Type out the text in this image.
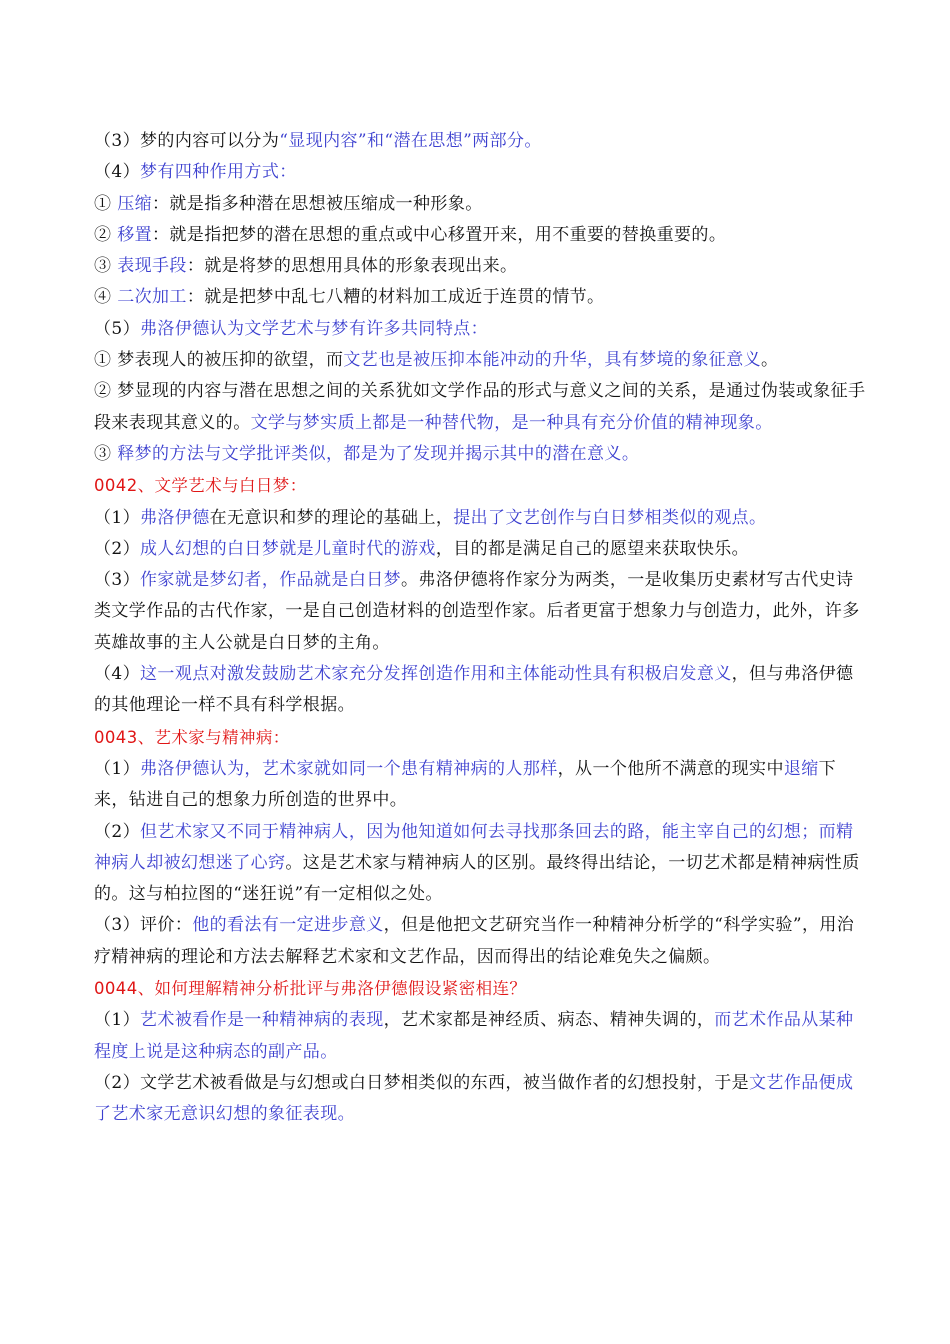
（3）梦的内容可以分为“显现内容”和“潜在思想”两部分。

（4）梦有四种作用方式：

① 压缩：就是指多种潜在思想被压缩成一种形象。

② 移置：就是指把梦的潜在思想的重点或中心移置开来，用不重要的替换重要的。

③ 表现手段：就是将梦的思想用具体的形象表现出来。

④ 二次加工：就是把梦中乱七八糟的材料加工成近于连贯的情节。

（5）弗洛伊德认为文学艺术与梦有许多共同特点：

① 梦表现人的被压抑的欲望，而文艺也是被压抑本能冲动的升华，具有梦境的象征意义。

② 梦显现的内容与潜在思想之间的关系犹如文学作品的形式与意义之间的关系，是通过伪装或象征手段来表现其意义的。文学与梦实质上都是一种替代物，是一种具有充分价值的精神现象。

③ 释梦的方法与文学批评类似，都是为了发现并揭示其中的潜在意义。

0042、文学艺术与白日梦：

（1）弗洛伊德在无意识和梦的理论的基础上，提出了文艺创作与白日梦相类似的观点。

（2）成人幻想的白日梦就是儿童时代的游戏，目的都是满足自己的愿望来获取快乐。

（3）作家就是梦幻者，作品就是白日梦。弗洛伊德将作家分为两类，一是收集历史素材写古代史诗类文学作品的古代作家，一是自己创造材料的创造型作家。后者更富于想象力与创造力，此外，许多英雄故事的主人公就是白日梦的主角。

（4）这一观点对激发鼓励艺术家充分发挥创造作用和主体能动性具有积极启发意义，但与弗洛伊德的其他理论一样不具有科学根据。

0043、艺术家与精神病：

（1）弗洛伊德认为，艺术家就如同一个患有精神病的人那样，从一个他所不满意的现实中退缩下来，钻进自己的想象力所创造的世界中。

（2）但艺术家又不同于精神病人，因为他知道如何去寻找那条回去的路，能主宰自己的幻想；而精神病人却被幻想迷了心窍。这是艺术家与精神病人的区别。最终得出结论，一切艺术都是精神病性质的。这与柏拉图的“迷狂说”有一定相似之处。

（3）评价：他的看法有一定进步意义，但是他把文艺研究当作一种精神分析学的“科学实验”，用治疗精神病的理论和方法去解释艺术家和文艺作品，因而得出的结论难免失之偏颇。

0044、如何理解精神分析批评与弗洛伊德假设紧密相连？

（1）艺术被看作是一种精神病的表现，艺术家都是神经质、病态、精神失调的，而艺术作品从某种程度上说是这种病态的副产品。

（2）文学艺术被看做是与幻想或白日梦相类似的东西，被当做作者的幻想投射，于是文艺作品便成了艺术家无意识幻想的象征表现。
